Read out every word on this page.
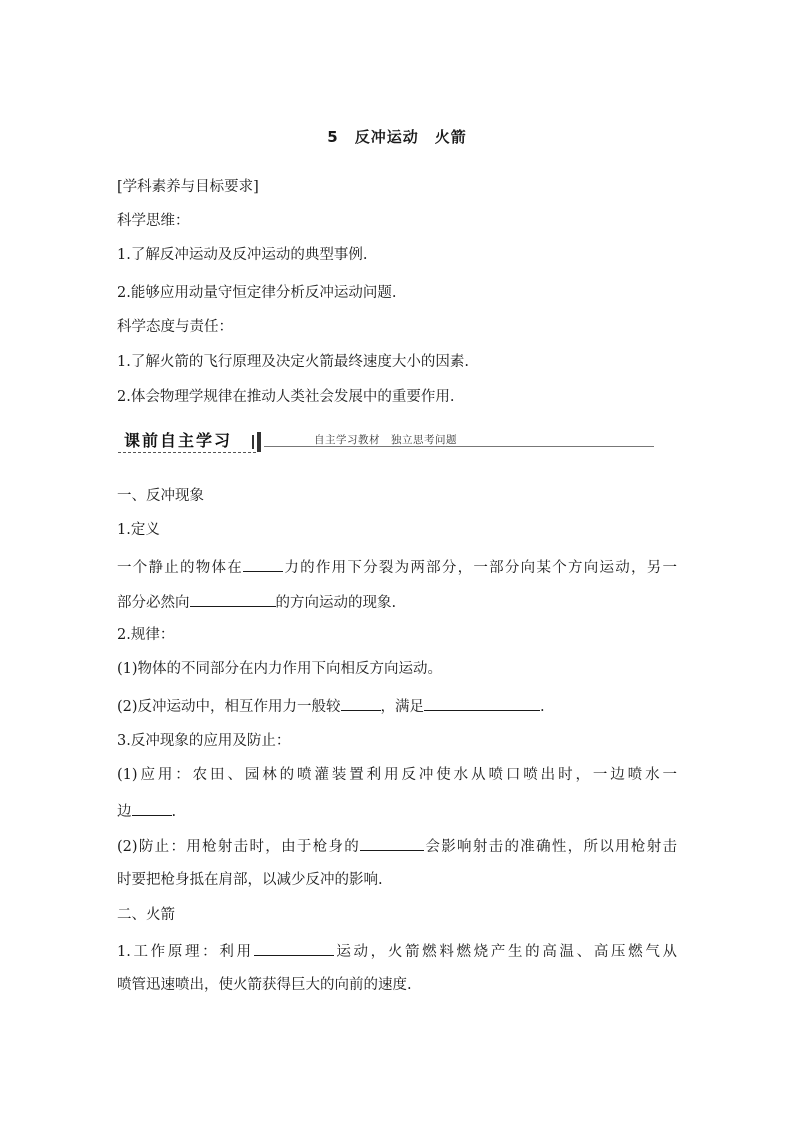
5　反冲运动　火箭
[学科素养与目标要求]
科学思维：
1.了解反冲运动及反冲运动的典型事例.
2.能够应用动量守恒定律分析反冲运动问题.
科学态度与责任：
1.了解火箭的飞行原理及决定火箭最终速度大小的因素.
2.体会物理学规律在推动人类社会发展中的重要作用.
课前自主学习	自主学习教材　独立思考问题
一、反冲现象
1.定义
一个静止的物体在	力的作用下分裂为两部分，一部分向某个方向运动，另一
部分必然向	的方向运动的现象.
2.规律：
(1)物体的不同部分在内力作用下向相反方向运动。
(2)反冲运动中，相互作用力一般较	，满足	.
3.反冲现象的应用及防止：
(1)应用：农田、园林的喷灌装置利用反冲使水从喷口喷出时，一边喷水一
边	.
(2)防止：用枪射击时，由于枪身的	会影响射击的准确性，所以用枪射击
时要把枪身抵在肩部，以减少反冲的影响.
二、火箭
1.工作原理：利用	运动，火箭燃料燃烧产生的高温、高压燃气从
喷管迅速喷出，使火箭获得巨大的向前的速度.
